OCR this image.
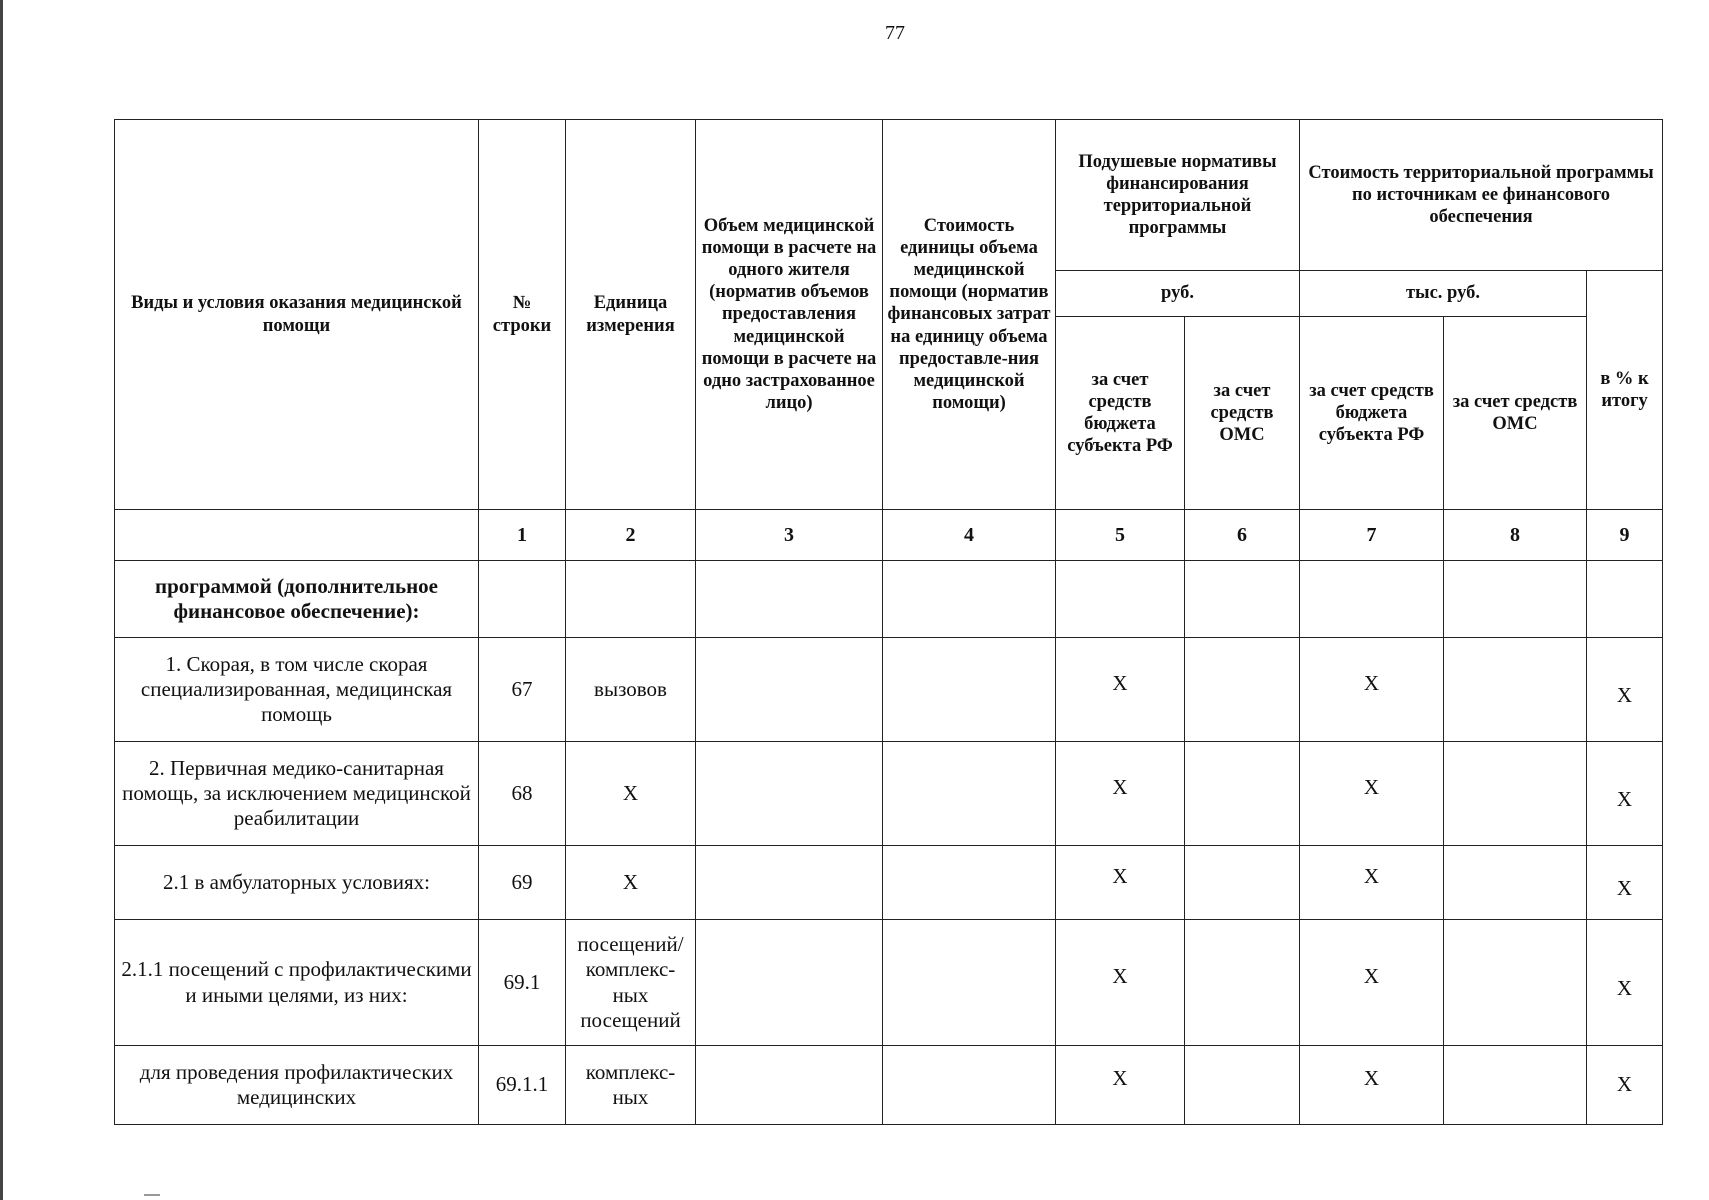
77
Виды и условия оказания медицинской помощи	№ строки	Единица измерения	Объем медицинской помощи в расчете на одного жителя (норматив объемов предоставления медицинской помощи в расчете на одно застрахованное лицо)	Стоимость единицы объема медицинской помощи (норматив финансовых затрат на единицу объема предоставле-ния медицинской помощи)	Подушевые нормативы финансирования территориальной программы		Стоимость территориальной программы по источникам ее финансового обеспечения		
					руб.		тыс. руб.		в % к итогу
					за счет средств бюджета субъекта РФ	за счет средств ОМС	за счет средств бюджета субъекта РФ	за счет средств ОМС	
	1	2	3	4	5	6	7	8	9
программой (дополнительное финансовое обеспечение):									
1. Скорая, в том числе скорая специализированная, медицинская помощь	67	вызовов			X		X		X
2. Первичная медико-санитарная помощь, за исключением медицинской реабилитации	68	X			X		X		X
2.1 в амбулаторных условиях:	69	X			X		X		X
2.1.1 посещений с профилактическими и иными целями, из них:	69.1	посещений/ комплекс-ных посещений			X		X		X
для проведения профилактических медицинских	69.1.1	комплекс-ных			X		X		X
